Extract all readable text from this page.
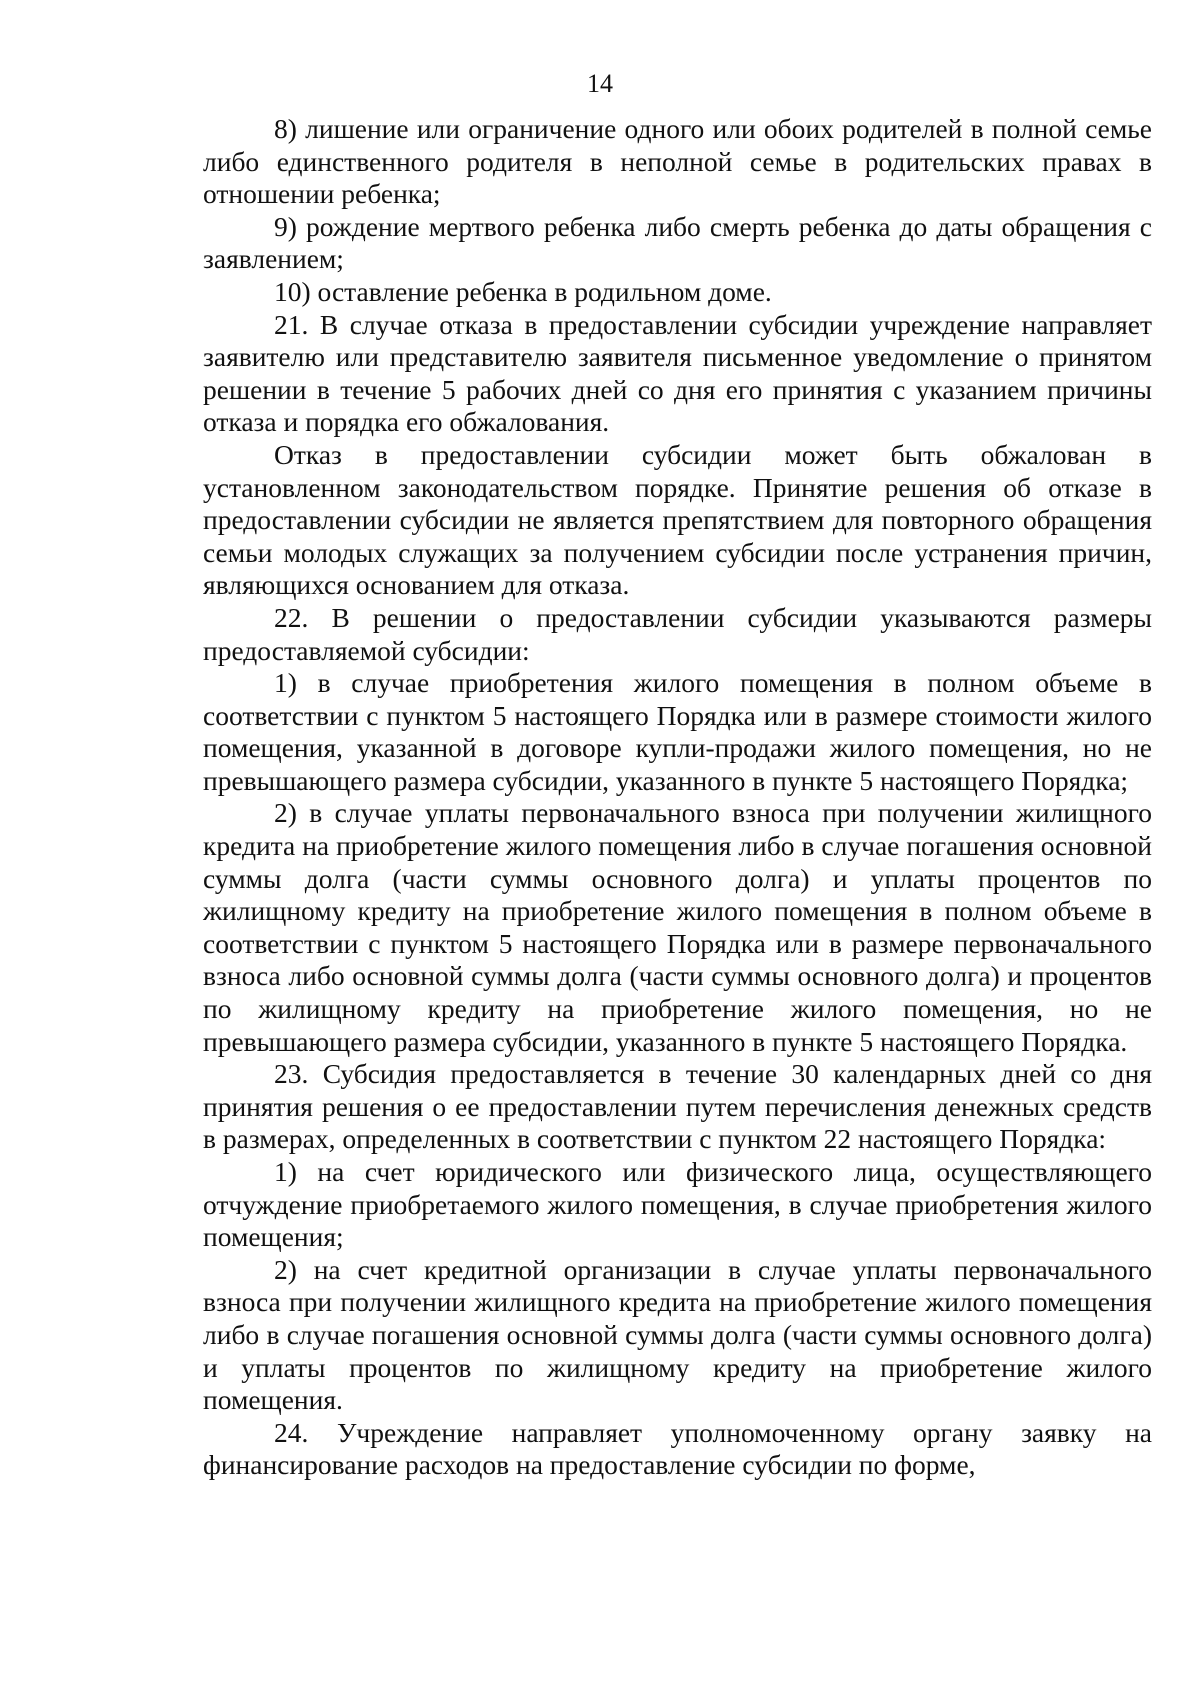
14

8) лишение или ограничение одного или обоих родителей в полной семье либо единственного родителя в неполной семье в родительских правах в отношении ребенка;

9) рождение мертвого ребенка либо смерть ребенка до даты обращения с заявлением;

10) оставление ребенка в родильном доме.

21. В случае отказа в предоставлении субсидии учреждение направляет заявителю или представителю заявителя письменное уведомление о принятом решении в течение 5 рабочих дней со дня его принятия с указанием причины отказа и порядка его обжалования.

Отказ в предоставлении субсидии может быть обжалован в установленном законодательством порядке. Принятие решения об отказе в предоставлении субсидии не является препятствием для повторного обращения семьи молодых служащих за получением субсидии после устранения причин, являющихся основанием для отказа.

22. В решении о предоставлении субсидии указываются размеры предоставляемой субсидии:

1) в случае приобретения жилого помещения в полном объеме в соответствии с пунктом 5 настоящего Порядка или в размере стоимости жилого помещения, указанной в договоре купли-продажи жилого помещения, но не превышающего размера субсидии, указанного в пункте 5 настоящего Порядка;

2) в случае уплаты первоначального взноса при получении жилищного кредита на приобретение жилого помещения либо в случае погашения основной суммы долга (части суммы основного долга) и уплаты процентов по жилищному кредиту на приобретение жилого помещения в полном объеме в соответствии с пунктом 5 настоящего Порядка или в размере первоначального взноса либо основной суммы долга (части суммы основного долга) и процентов по жилищному кредиту на приобретение жилого помещения, но не превышающего размера субсидии, указанного в пункте 5 настоящего Порядка.

23. Субсидия предоставляется в течение 30 календарных дней со дня принятия решения о ее предоставлении путем перечисления денежных средств в размерах, определенных в соответствии с пунктом 22 настоящего Порядка:

1) на счет юридического или физического лица, осуществляющего отчуждение приобретаемого жилого помещения, в случае приобретения жилого помещения;

2) на счет кредитной организации в случае уплаты первоначального взноса при получении жилищного кредита на приобретение жилого помещения либо в случае погашения основной суммы долга (части суммы основного долга) и уплаты процентов по жилищному кредиту на приобретение жилого помещения.

24. Учреждение направляет уполномоченному органу заявку на финансирование расходов на предоставление субсидии по форме,
